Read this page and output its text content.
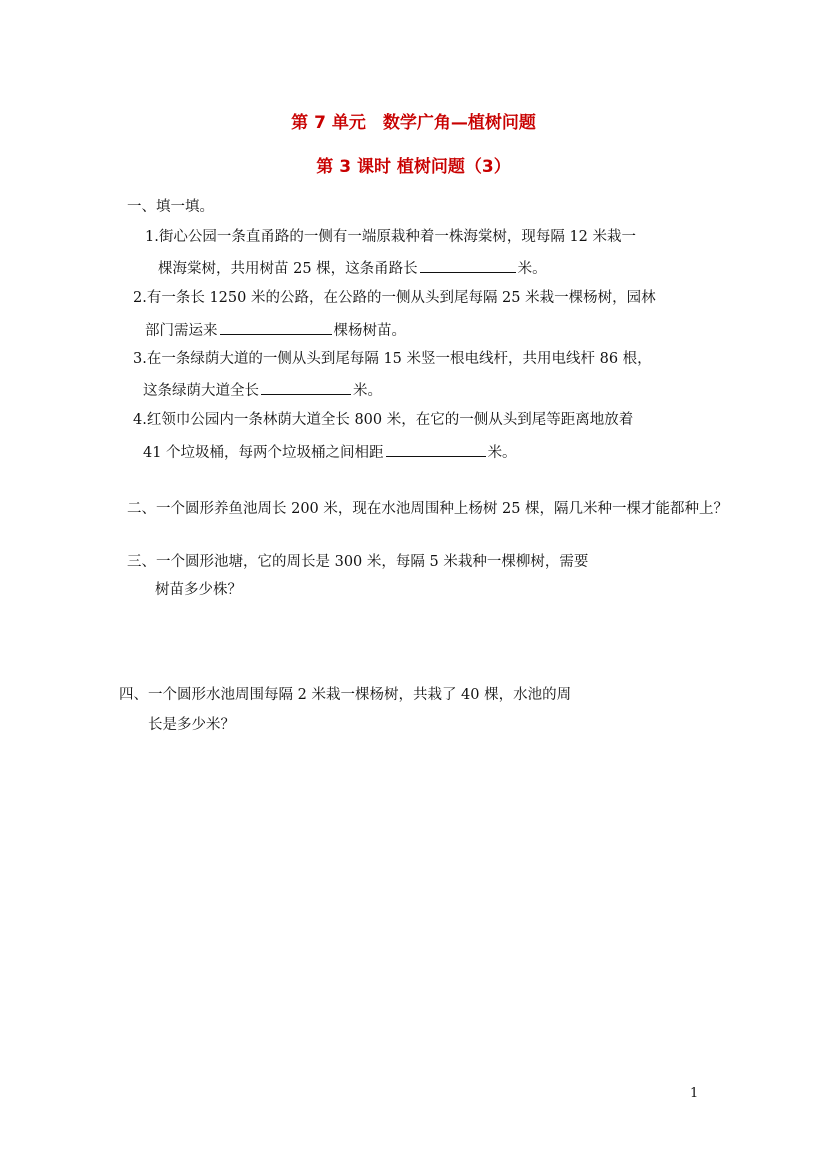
第 7 单元　数学广角—植树问题
第 3 课时 植树问题（3）
一、填一填。
1.街心公园一条直甬路的一侧有一端原栽种着一株海棠树，现每隔 12 米栽一
棵海棠树，共用树苗 25 棵，这条甬路长	米。
2.有一条长 1250 米的公路，在公路的一侧从头到尾每隔 25 米栽一棵杨树，园林
部门需运来	棵杨树苗。
3.在一条绿荫大道的一侧从头到尾每隔 15 米竖一根电线杆，共用电线杆 86 根，
这条绿荫大道全长	米。
4.红领巾公园内一条林荫大道全长 800 米，在它的一侧从头到尾等距离地放着
41 个垃圾桶，每两个垃圾桶之间相距	米。
二、一个圆形养鱼池周长 200 米，现在水池周围种上杨树 25 棵，隔几米种一棵才能都种上？
三、一个圆形池塘，它的周长是 300 米，每隔 5 米栽种一棵柳树，需要
树苗多少株？
四、一个圆形水池周围每隔 2 米栽一棵杨树，共栽了 40 棵，水池的周
长是多少米？
1
